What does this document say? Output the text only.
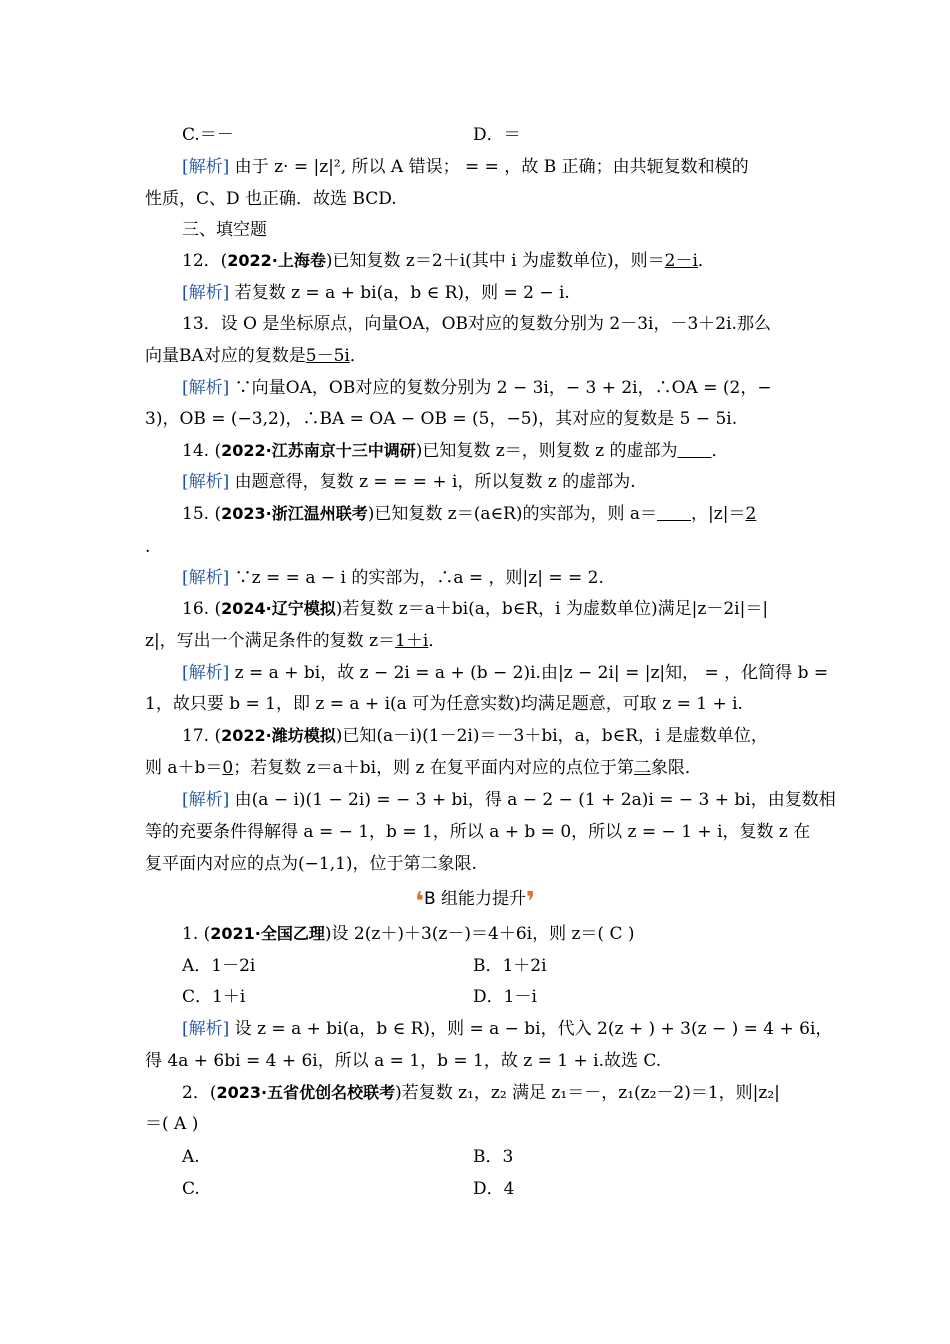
C.＝－	D．＝
[解析] 由于 z· = |z|², 所以 A 错误； = = ，故 B 正确；由共轭复数和模的
性质，C、D 也正确．故选 BCD.
三、填空题
12．(2022·上海卷)已知复数 z＝2＋i(其中 i 为虚数单位)，则＝2－i．
[解析] 若复数 z = a + bi(a，b ∈ R)，则 = 2 − i.
13．设 O 是坐标原点，向量OA，OB对应的复数分别为 2－3i，－3＋2i.那么
向量BA对应的复数是5－5i．
[解析] ∵向量OA，OB对应的复数分别为 2 − 3i，− 3 + 2i，∴OA = (2，−
3)，OB = (−3,2)，∴BA = OA − OB = (5，−5)，其对应的复数是 5 − 5i.
14. (2022·江苏南京十三中调研)已知复数 z＝，则复数 z 的虚部为   ．
[解析] 由题意得，复数 z = = = + i，所以复数 z 的虚部为.
15. (2023·浙江温州联考)已知复数 z＝(a∈R)的实部为，则 a＝   ，|z|＝2
.
[解析] ∵z = = a − i 的实部为，∴a = ，则|z| = = 2.
16. (2024·辽宁模拟)若复数 z＝a＋bi(a，b∈R，i 为虚数单位)满足|z－2i|＝|
z|，写出一个满足条件的复数 z＝1＋i．
[解析] z = a + bi，故 z − 2i = a + (b − 2)i.由|z − 2i| = |z|知， = ，化简得 b =
1，故只要 b = 1，即 z = a + i(a 可为任意实数)均满足题意，可取 z = 1 + i.
17. (2022·潍坊模拟)已知(a－i)(1－2i)＝－3＋bi，a，b∈R，i 是虚数单位，
则 a＋b＝0；若复数 z＝a＋bi，则 z 在复平面内对应的点位于第二象限．
[解析] 由(a − i)(1 − 2i) = − 3 + bi，得 a − 2 − (1 + 2a)i = − 3 + bi，由复数相
等的充要条件得解得 a = − 1，b = 1，所以 a + b = 0，所以 z = − 1 + i，复数 z 在
复平面内对应的点为(−1,1)，位于第二象限.
❛B 组能力提升❜
1. (2021·全国乙理)设 2(z＋)＋3(z－)＝4＋6i，则 z＝( C )
A．1－2i	B．1＋2i
C．1＋i	D．1－i
[解析] 设 z = a + bi(a，b ∈ R)，则 = a − bi，代入 2(z + ) + 3(z − ) = 4 + 6i，
得 4a + 6bi = 4 + 6i，所以 a = 1，b = 1，故 z = 1 + i.故选 C.
2．(2023·五省优创名校联考)若复数 z₁，z₂ 满足 z₁＝－，z₁(z₂－2)＝1，则|z₂|
＝( A )
A.	B．3
C.	D．4
